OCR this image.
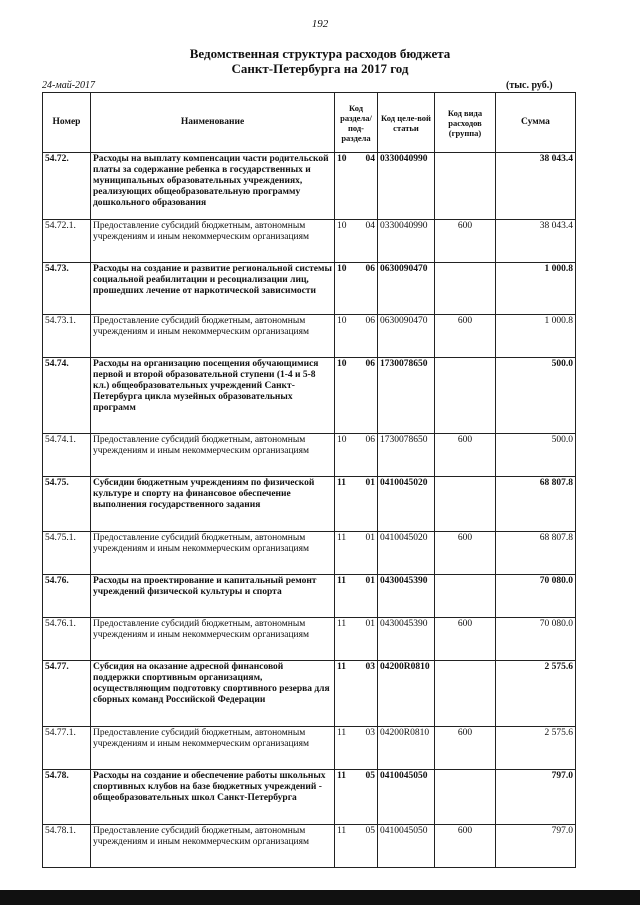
192
Ведомственная структура расходов бюджета
Санкт-Петербурга на 2017 год
24-май-2017	(тыс. руб.)
Номер	Наименование	Код раздела/ под-раздела	Код целе-вой статьи	Код вида расходов (группа)	Сумма
54.72.	Расходы на выплату компенсации части родительской платы за содержание ребенка в государственных и муниципальных образовательных учреждениях, реализующих общеобразовательную программу дошкольного образования	10 04	0330040990		38 043.4
54.72.1.	Предоставление субсидий бюджетным, автономным учреждениям и иным некоммерческим организациям	10 04	0330040990	600	38 043.4
54.73.	Расходы на создание и развитие региональной системы социальной реабилитации и ресоциализации лиц, прошедших лечение от наркотической зависимости	10 06	0630090470		1 000.8
54.73.1.	Предоставление субсидий бюджетным, автономным учреждениям и иным некоммерческим организациям	10 06	0630090470	600	1 000.8
54.74.	Расходы на организацию посещения обучающимися первой и второй образовательной ступени (1-4 и 5-8 кл.) общеобразовательных учреждений Санкт-Петербурга цикла музейных образовательных программ	10 06	1730078650		500.0
54.74.1.	Предоставление субсидий бюджетным, автономным учреждениям и иным некоммерческим организациям	10 06	1730078650	600	500.0
54.75.	Субсидии бюджетным учреждениям по физической культуре и спорту на финансовое обеспечение выполнения государственного задания	11 01	0410045020		68 807.8
54.75.1.	Предоставление субсидий бюджетным, автономным учреждениям и иным некоммерческим организациям	11 01	0410045020	600	68 807.8
54.76.	Расходы на проектирование и капитальный ремонт учреждений физической культуры и спорта	11 01	0430045390		70 080.0
54.76.1.	Предоставление субсидий бюджетным, автономным учреждениям и иным некоммерческим организациям	11 01	0430045390	600	70 080.0
54.77.	Субсидия на оказание адресной финансовой поддержки спортивным организациям, осуществляющим подготовку спортивного резерва для сборных команд Российской Федерации	11 03	04200R0810		2 575.6
54.77.1.	Предоставление субсидий бюджетным, автономным учреждениям и иным некоммерческим организациям	11 03	04200R0810	600	2 575.6
54.78.	Расходы на создание и обеспечение работы школьных спортивных клубов на базе бюджетных учреждений - общеобразовательных школ Санкт-Петербурга	11 05	0410045050		797.0
54.78.1.	Предоставление субсидий бюджетным, автономным учреждениям и иным некоммерческим организациям	11 05	0410045050	600	797.0
